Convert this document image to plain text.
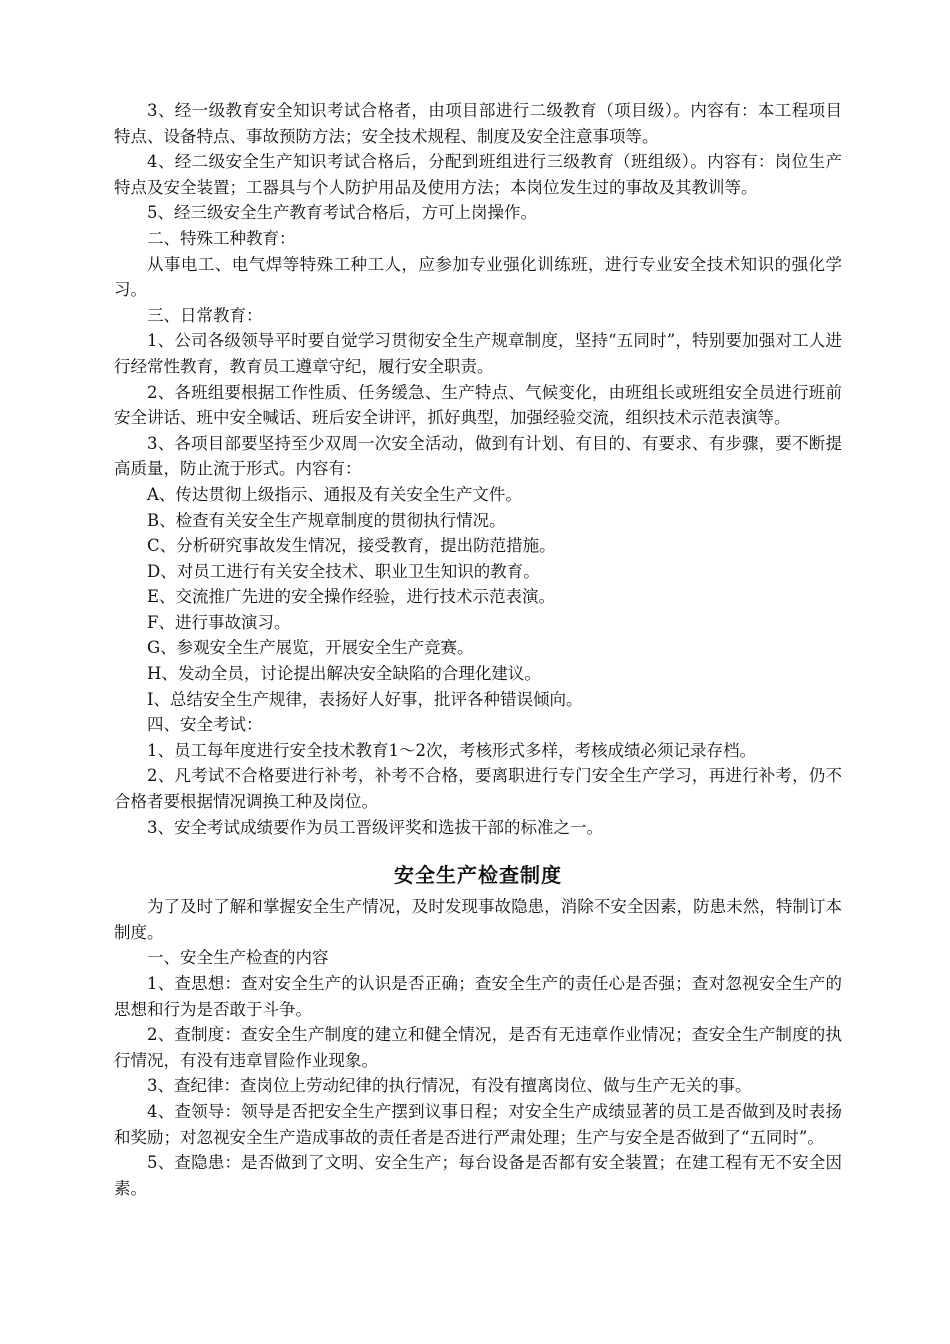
3、经一级教育安全知识考试合格者，由项目部进行二级教育（项目级）。内容有：本工程项目特点、设备特点、事故预防方法；安全技术规程、制度及安全注意事项等。

4、经二级安全生产知识考试合格后，分配到班组进行三级教育（班组级）。内容有：岗位生产特点及安全装置；工器具与个人防护用品及使用方法；本岗位发生过的事故及其教训等。

5、经三级安全生产教育考试合格后，方可上岗操作。

二、特殊工种教育：

从事电工、电气焊等特殊工种工人，应参加专业强化训练班，进行专业安全技术知识的强化学习。

三、日常教育：

1、公司各级领导平时要自觉学习贯彻安全生产规章制度，坚持“五同时”，特别要加强对工人进行经常性教育，教育员工遵章守纪，履行安全职责。

2、各班组要根据工作性质、任务缓急、生产特点、气候变化，由班组长或班组安全员进行班前安全讲话、班中安全喊话、班后安全讲评，抓好典型，加强经验交流，组织技术示范表演等。

3、各项目部要坚持至少双周一次安全活动，做到有计划、有目的、有要求、有步骤，要不断提高质量，防止流于形式。内容有：

A、传达贯彻上级指示、通报及有关安全生产文件。

B、检查有关安全生产规章制度的贯彻执行情况。

C、分析研究事故发生情况，接受教育，提出防范措施。

D、对员工进行有关安全技术、职业卫生知识的教育。

E、交流推广先进的安全操作经验，进行技术示范表演。

F、进行事故演习。

G、参观安全生产展览，开展安全生产竞赛。

H、发动全员，讨论提出解决安全缺陷的合理化建议。

I、总结安全生产规律，表扬好人好事，批评各种错误倾向。

四、安全考试：

1、员工每年度进行安全技术教育1～2次，考核形式多样，考核成绩必须记录存档。

2、凡考试不合格要进行补考，补考不合格，要离职进行专门安全生产学习，再进行补考，仍不合格者要根据情况调换工种及岗位。

3、安全考试成绩要作为员工晋级评奖和选拔干部的标准之一。

安全生产检查制度

为了及时了解和掌握安全生产情况，及时发现事故隐患，消除不安全因素，防患未然，特制订本制度。

一、安全生产检查的内容

1、查思想：查对安全生产的认识是否正确；查安全生产的责任心是否强；查对忽视安全生产的思想和行为是否敢于斗争。

2、查制度：查安全生产制度的建立和健全情况，是否有无违章作业情况；查安全生产制度的执行情况，有没有违章冒险作业现象。

3、查纪律：查岗位上劳动纪律的执行情况，有没有擅离岗位、做与生产无关的事。

4、查领导：领导是否把安全生产摆到议事日程；对安全生产成绩显著的员工是否做到及时表扬和奖励；对忽视安全生产造成事故的责任者是否进行严肃处理；生产与安全是否做到了“五同时”。

5、查隐患：是否做到了文明、安全生产；每台设备是否都有安全装置；在建工程有无不安全因素。
